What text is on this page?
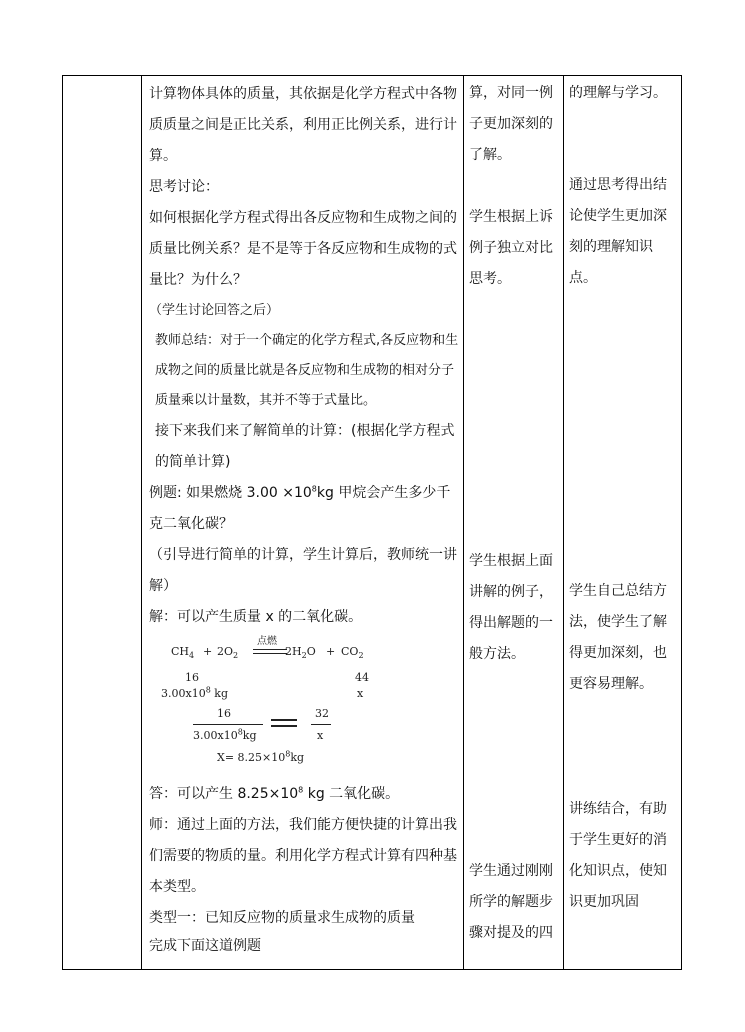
计算物体具体的质量，其依据是化学方程式中各物质质量之间是正比关系，利用正比例关系，进行计算。

思考讨论：

如何根据化学方程式得出各反应物和生成物之间的质量比例关系？是不是等于各反应物和生成物的式量比？为什么？

（学生讨论回答之后）

教师总结：对于一个确定的化学方程式,各反应物和生成物之间的质量比就是各反应物和生成物的相对分子质量乘以计量数，其并不等于式量比。

接下来我们来了解简单的计算：(根据化学方程式的简单计算)

例题: 如果燃烧 $3.00 \times 10^8kg$ 甲烷会产生多少千克二氧化碳？

（引导进行简单的计算，学生计算后，教师统一讲解）

解：可以产生质量 x 的二氧化碳。

$CH_4 + 2O_2$
点燃
$2H_2O + CO_2$
16
$3.00x10^8$ kg
44
x
16
$3.00x10^8kg$
32
x
$X= 8.25\times 10^8kg$

答：可以产生 $8.25\times 10^8$ kg 二氧化碳。

师：通过上面的方法，我们能方便快捷的计算出我们需要的物质的量。利用化学方程式计算有四种基本类型。

类型一：已知反应物的质量求生成物的质量

完成下面这道例题

算，对同一例子更加深刻的了解。

学生根据上诉例子独立对比思考。

学生根据上面讲解的例子，得出解题的一般方法。

学生通过刚刚所学的解题步骤对提及的四

的理解与学习。

通过思考得出结论使学生更加深刻的理解知识点。

学生自己总结方法，使学生了解得更加深刻，也更容易理解。

讲练结合，有助于学生更好的消化知识点，使知识更加巩固
